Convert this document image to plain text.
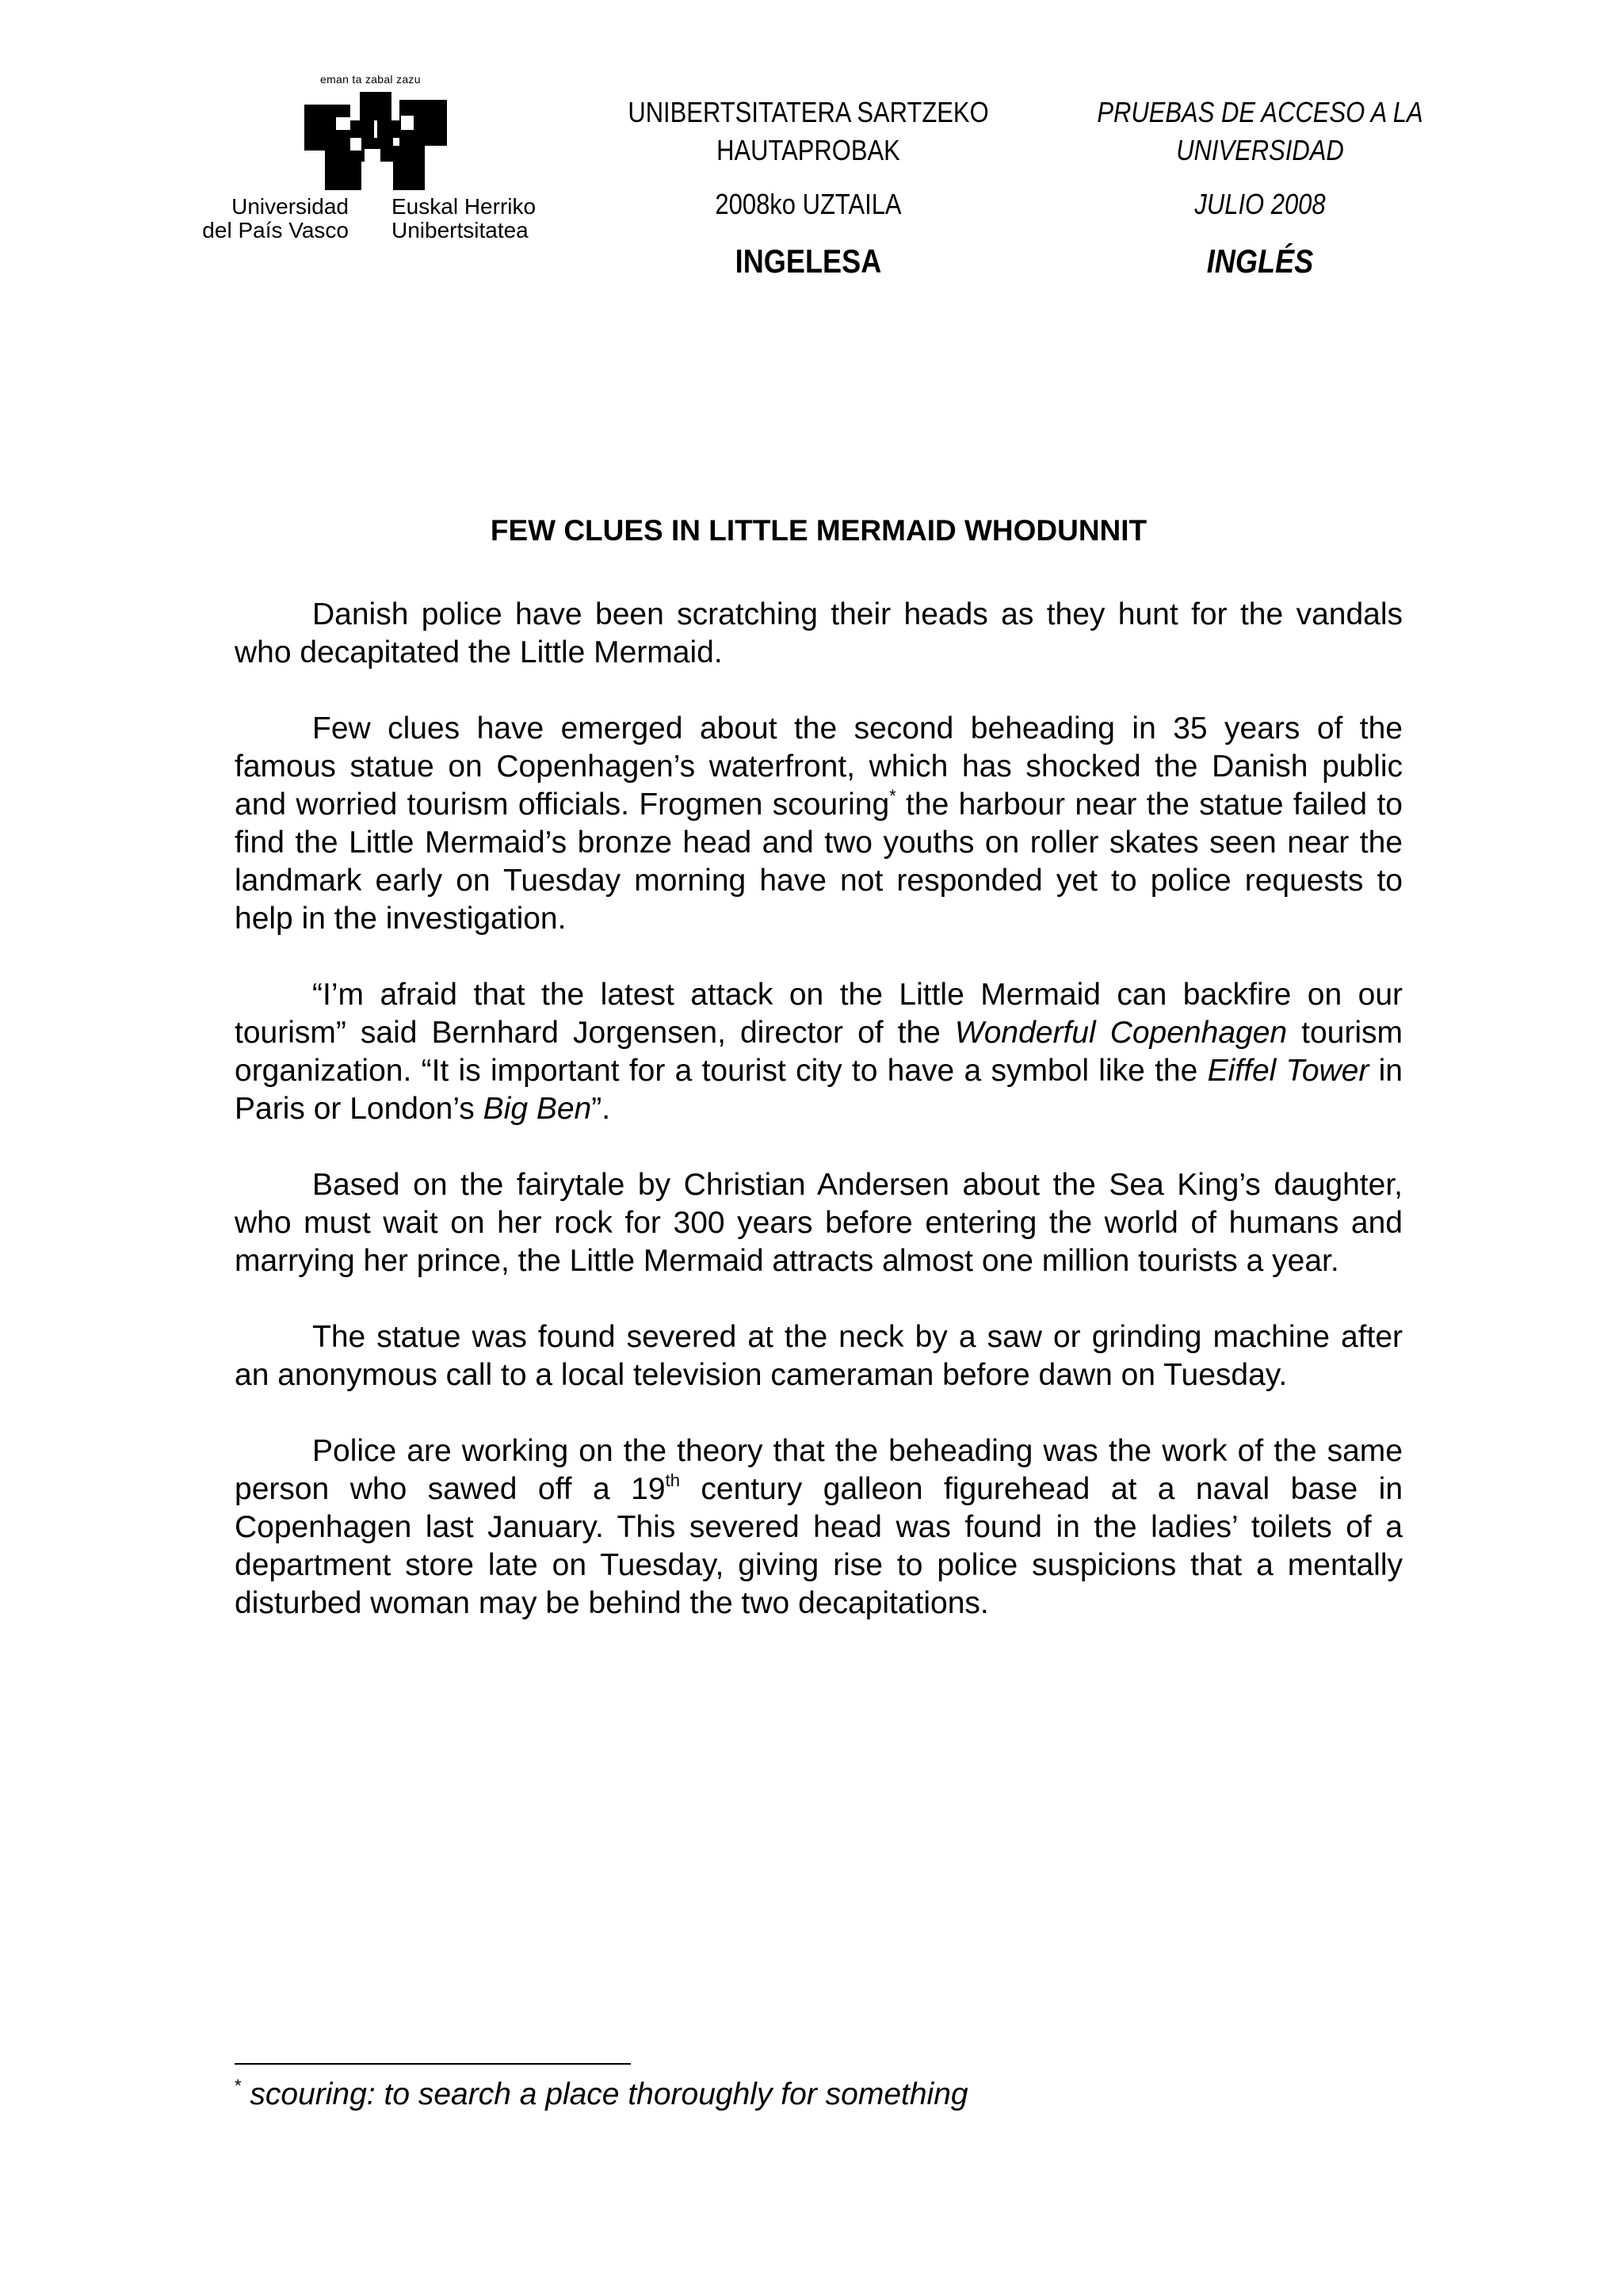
eman ta zabal zazu
Universidad
del País Vasco
Euskal Herriko
Unibertsitatea
UNIBERTSITATERA SARTZEKO
HAUTAPROBAK
2008ko UZTAILA
INGELESA
PRUEBAS DE ACCESO A LA
UNIVERSIDAD
JULIO 2008
INGLÉS
FEW CLUES IN LITTLE MERMAID WHODUNNIT

Danish police have been scratching their heads as they hunt for the vandals who decapitated the Little Mermaid.

Few clues have emerged about the second beheading in 35 years of the famous statue on Copenhagen’s waterfront, which has shocked the Danish public and worried tourism officials. Frogmen scouring* the harbour near the statue failed to find the Little Mermaid’s bronze head and two youths on roller skates seen near the landmark early on Tuesday morning have not responded yet to police requests to help in the investigation.

“I’m afraid that the latest attack on the Little Mermaid can backfire on our tourism” said Bernhard Jorgensen, director of the Wonderful Copenhagen tourism organization. “It is important for a tourist city to have a symbol like the Eiffel Tower in Paris or London’s Big Ben”.

Based on the fairytale by Christian Andersen about the Sea King’s daughter, who must wait on her rock for 300 years before entering the world of humans and marrying her prince, the Little Mermaid attracts almost one million tourists a year.

The statue was found severed at the neck by a saw or grinding machine after an anonymous call to a local television cameraman before dawn on Tuesday.

Police are working on the theory that the beheading was the work of the same person who sawed off a 19th century galleon figurehead at a naval base in Copenhagen last January. This severed head was found in the ladies’ toilets of a department store late on Tuesday, giving rise to police suspicions that a mentally disturbed woman may be behind the two decapitations.

* scouring: to search a place thoroughly for something
